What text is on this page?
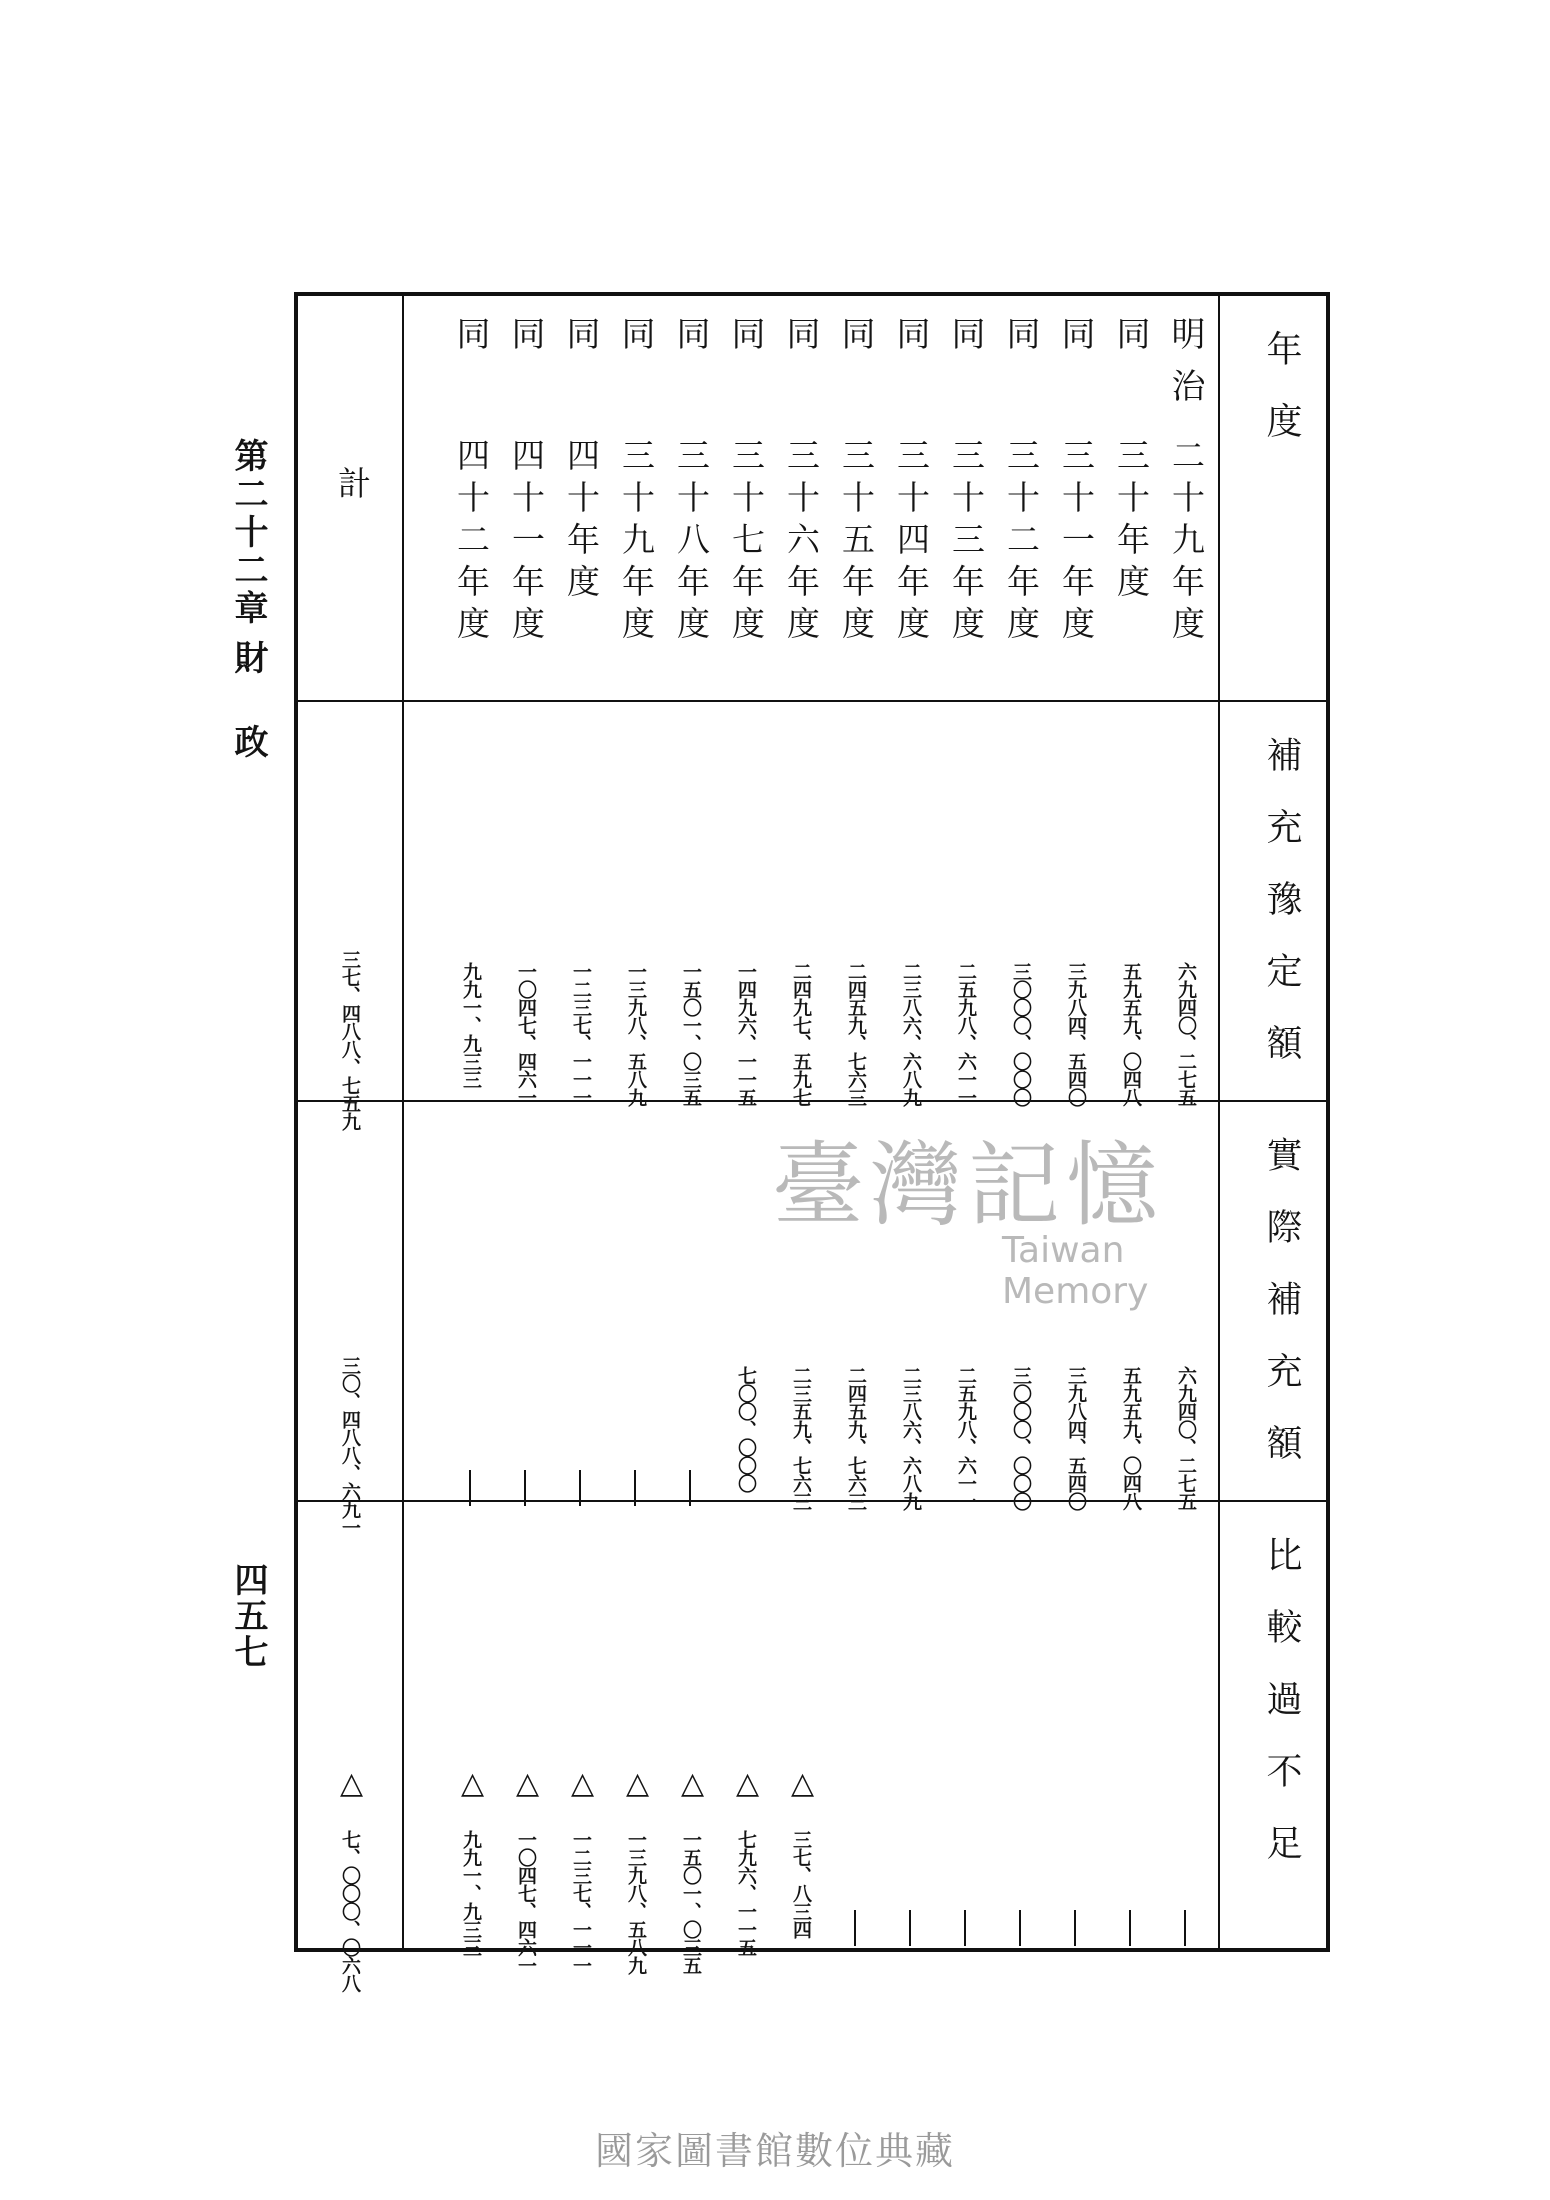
第二十二章
財政
四五七
年度
補充豫定額
實際補充額
比較過不足
明治
二十九年度
六九四〇、二七五
六九四〇、二七五
同
三十年度
五九五九、〇四八
五九五九、〇四八
同
三十一年度
三九八四、五四〇
三九八四、五四〇
同
三十二年度
三〇〇〇、〇〇〇
三〇〇〇、〇〇〇
同
三十三年度
二五九八、六一一
二五九八、六一一
同
三十四年度
二三八六、六八九
二三八六、六八九
同
三十五年度
二四五九、七六三
二四五九、七六三
同
三十六年度
二四九七、五九七
二三五九、七六三
△
三七、八三四
同
三十七年度
一四九六、一一五
七〇〇、〇〇〇
△
七九六、一一五
同
三十八年度
一五〇一、〇三五
△
一五〇一、〇三五
同
三十九年度
一三九八、五八九
△
一三九八、五八九
同
四十年度
一二三七、一一一
△
一二三七、一一一
同
四十一年度
一〇四七、四六一
△
一〇四七、四六一
同
四十二年度
九九一、九三三
△
九九一、九三三
計
三七、四八八、七五九
三〇、四八八、六九一
△
七、〇〇〇、〇六八
臺灣記憶
Taiwan Memory
國家圖書館數位典藏
